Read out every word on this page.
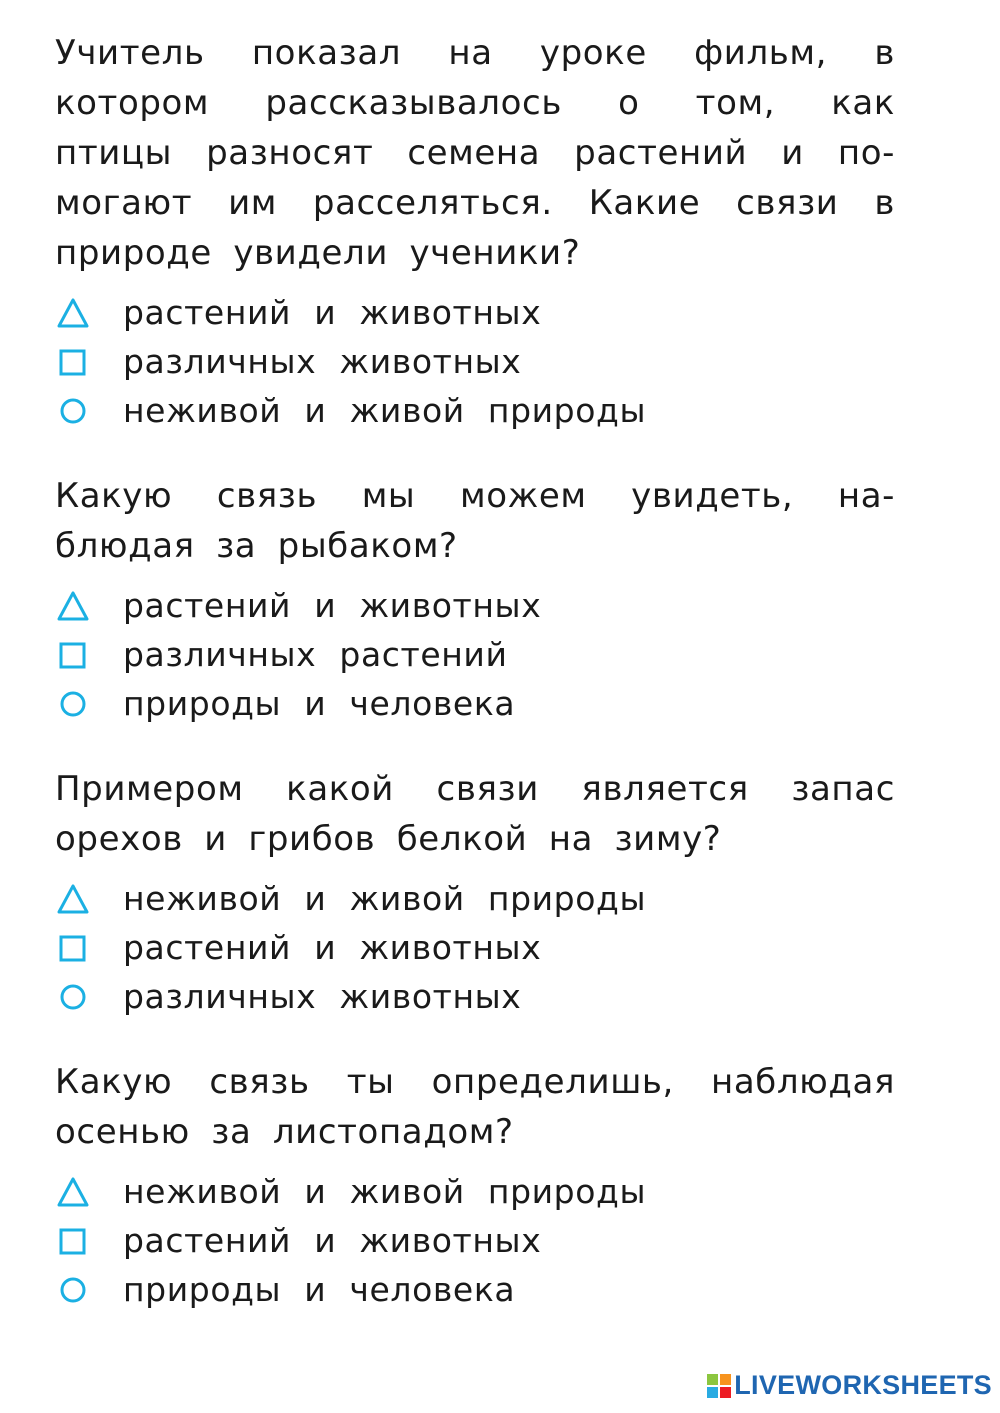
Учитель показал на уроке фильм, в
котором рассказывалось о том, как
птицы разносят семена растений и по-
могают им расселяться. Какие связи в
природе увидели ученики?
растений и животных
различных животных
неживой и живой природы
Какую связь мы можем увидеть, на-
блюдая за рыбаком?
растений и животных
различных растений
природы и человека
Примером какой связи является запас
орехов и грибов белкой на зиму?
неживой и живой природы
растений и животных
различных животных
Какую связь ты определишь, наблюдая
осенью за листопадом?
неживой и живой природы
растений и животных
природы и человека
LIVEWORKSHEETS
